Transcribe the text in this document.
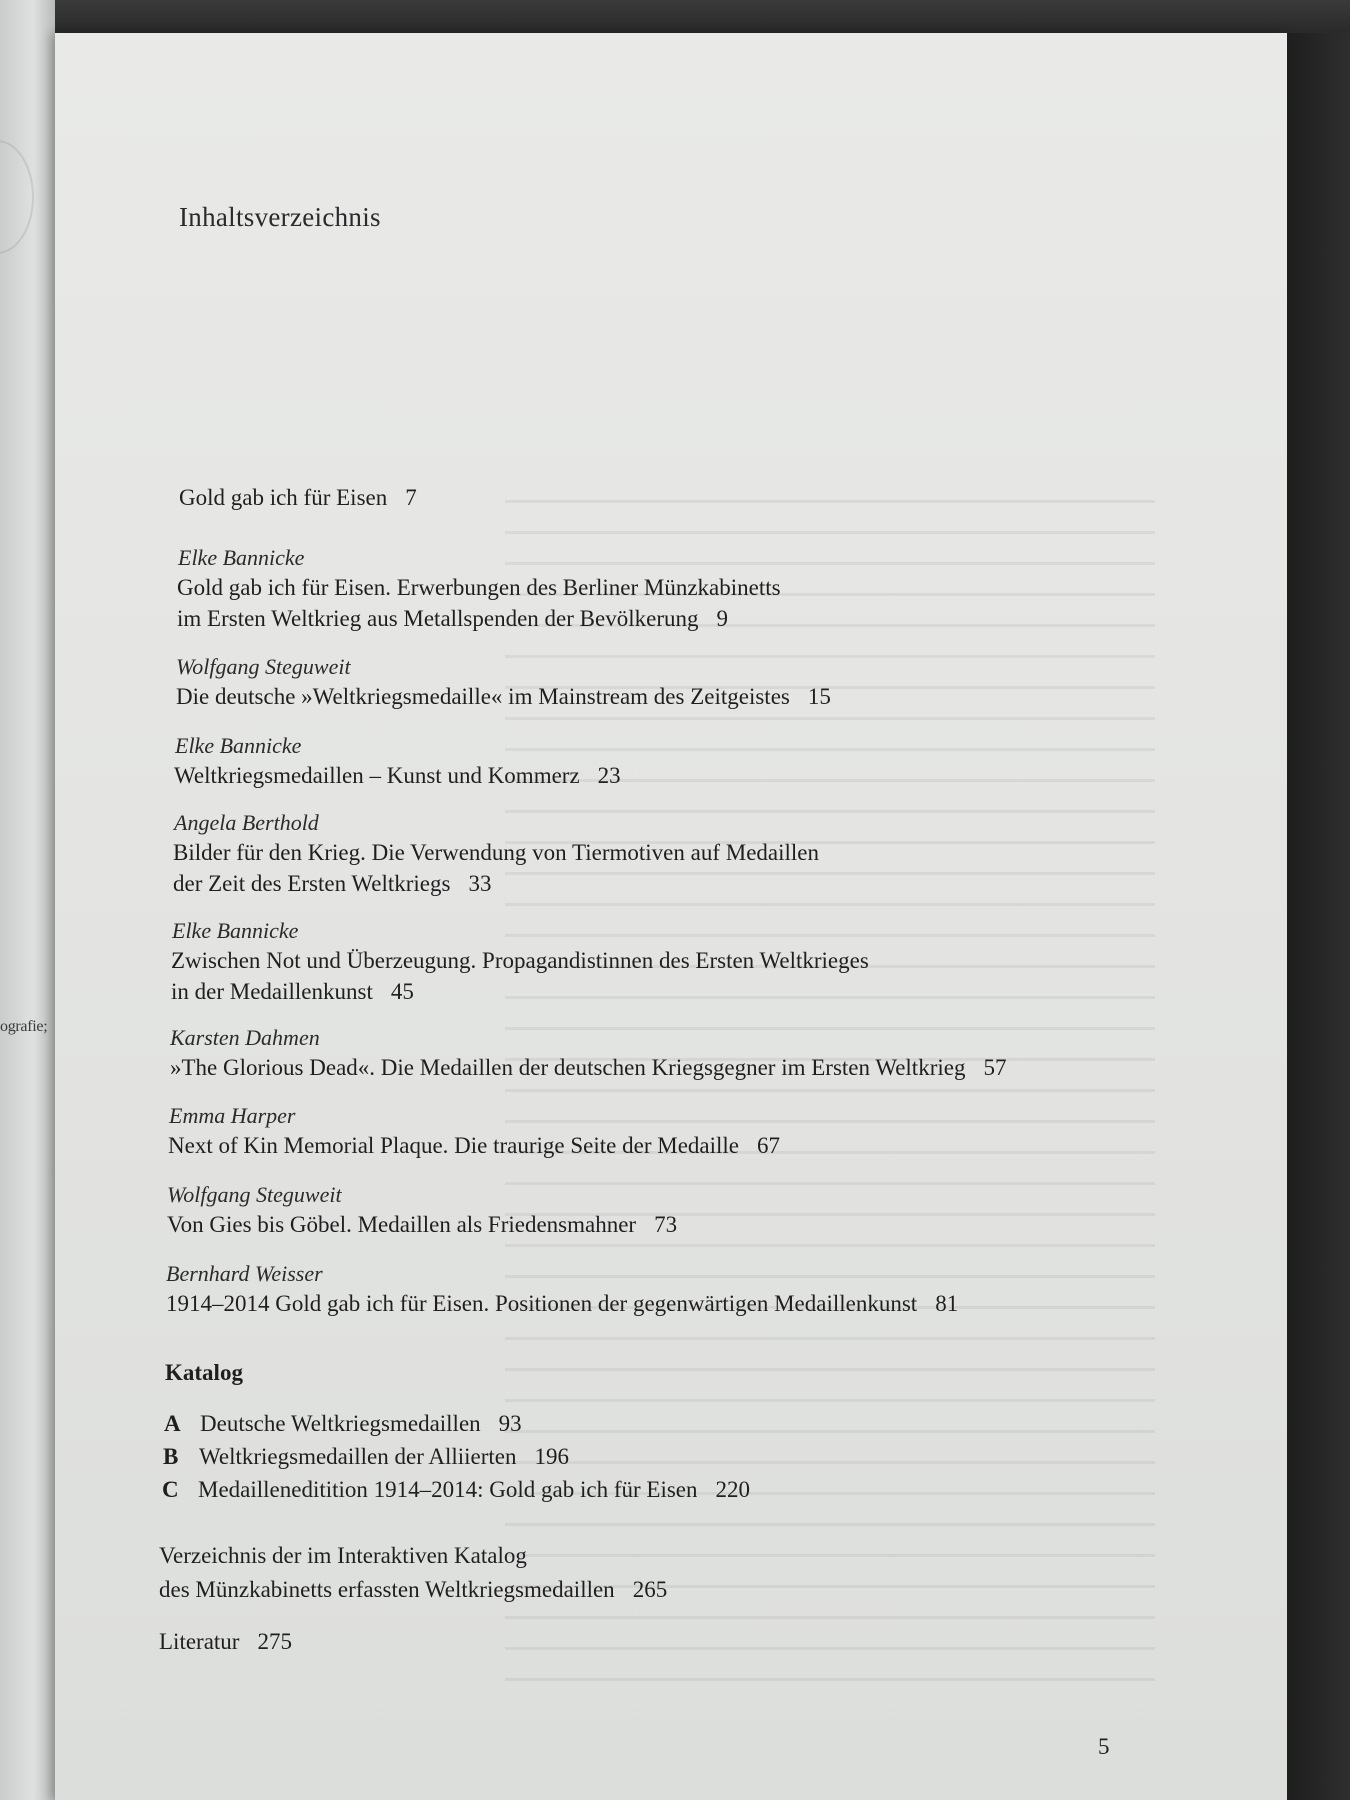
ografie;

Inhaltsverzeichnis
Gold gab ich für Eisen 7
Elke Bannicke
Gold gab ich für Eisen. Erwerbungen des Berliner Münzkabinetts
im Ersten Weltkrieg aus Metallspenden der Bevölkerung 9
Wolfgang Steguweit
Die deutsche »Weltkriegsmedaille« im Mainstream des Zeitgeistes 15
Elke Bannicke
Weltkriegsmedaillen – Kunst und Kommerz 23
Angela Berthold
Bilder für den Krieg. Die Verwendung von Tiermotiven auf Medaillen
der Zeit des Ersten Weltkriegs 33
Elke Bannicke
Zwischen Not und Überzeugung. Propagandistinnen des Ersten Weltkrieges
in der Medaillenkunst 45
Karsten Dahmen
»The Glorious Dead«. Die Medaillen der deutschen Kriegsgegner im Ersten Weltkrieg 57
Emma Harper
Next of Kin Memorial Plaque. Die traurige Seite der Medaille 67
Wolfgang Steguweit
Von Gies bis Göbel. Medaillen als Friedensmahner 73
Bernhard Weisser
1914–2014 Gold gab ich für Eisen. Positionen der gegenwärtigen Medaillenkunst 81
Katalog
A Deutsche Weltkriegsmedaillen 93
B Weltkriegsmedaillen der Alliierten 196
C Medailleneditition 1914–2014: Gold gab ich für Eisen 220
Verzeichnis der im Interaktiven Katalog
des Münzkabinetts erfassten Weltkriegsmedaillen 265
Literatur 275
5
